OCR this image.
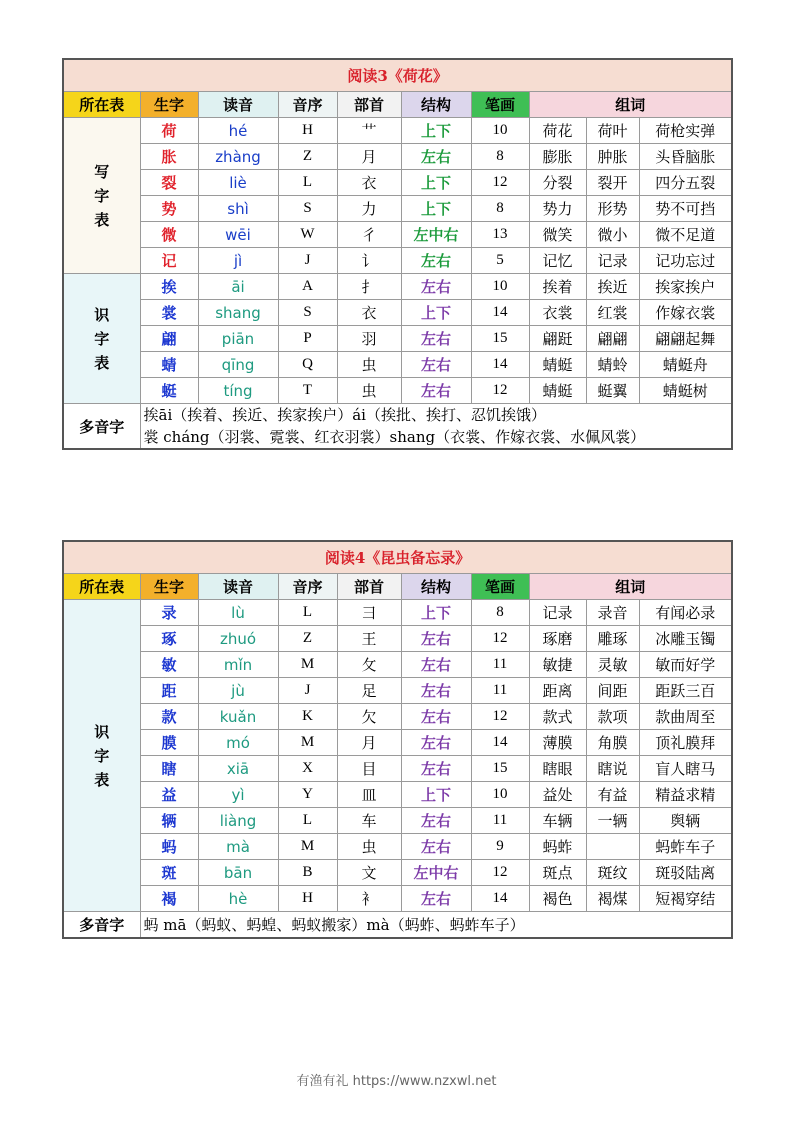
阅读3《荷花》									
所在表	生字	读音	音序	部首	结构	笔画	组词		
写字表	荷	hé	H	艹	上下	10	荷花	荷叶	荷枪实弹
	胀	zhàng	Z	月	左右	8	膨胀	肿胀	头昏脑胀
	裂	liè	L	衣	上下	12	分裂	裂开	四分五裂
	势	shì	S	力	上下	8	势力	形势	势不可挡
	微	wēi	W	彳	左中右	13	微笑	微小	微不足道
	记	jì	J	讠	左右	5	记忆	记录	记功忘过
识字表	挨	āi	A	扌	左右	10	挨着	挨近	挨家挨户
	裳	shang	S	衣	上下	14	衣裳	红裳	作嫁衣裳
	翩	piān	P	羽	左右	15	翩跹	翩翩	翩翩起舞
	蜻	qīng	Q	虫	左右	14	蜻蜓	蜻蛉	蜻蜓舟
	蜓	tíng	T	虫	左右	12	蜻蜓	蜓翼	蜻蜓树
多音字	挨āi（挨着、挨近、挨家挨户）ái（挨批、挨打、忍饥挨饿）
裳 cháng（羽裳、霓裳、红衣羽裳）shang（衣裳、作嫁衣裳、水佩风裳）								
阅读4《昆虫备忘录》									
所在表	生字	读音	音序	部首	结构	笔画	组词		
识字表	录	lù	L	彐	上下	8	记录	录音	有闻必录
	琢	zhuó	Z	王	左右	12	琢磨	雕琢	冰雕玉镯
	敏	mǐn	M	攵	左右	11	敏捷	灵敏	敏而好学
	距	jù	J	足	左右	11	距离	间距	距跃三百
	款	kuǎn	K	欠	左右	12	款式	款项	款曲周至
	膜	mó	M	月	左右	14	薄膜	角膜	顶礼膜拜
	瞎	xiā	X	目	左右	15	瞎眼	瞎说	盲人瞎马
	益	yì	Y	皿	上下	10	益处	有益	精益求精
	辆	liàng	L	车	左右	11	车辆	一辆	舆辆
	蚂	mà	M	虫	左右	9	蚂蚱		蚂蚱车子
	斑	bān	B	文	左中右	12	斑点	斑纹	斑驳陆离
	褐	hè	H	衤	左右	14	褐色	褐煤	短褐穿结
多音字	蚂 mā（蚂蚁、蚂蝗、蚂蚁搬家）mà（蚂蚱、蚂蚱车子）								
有渔有礼 https://www.nzxwl.net
